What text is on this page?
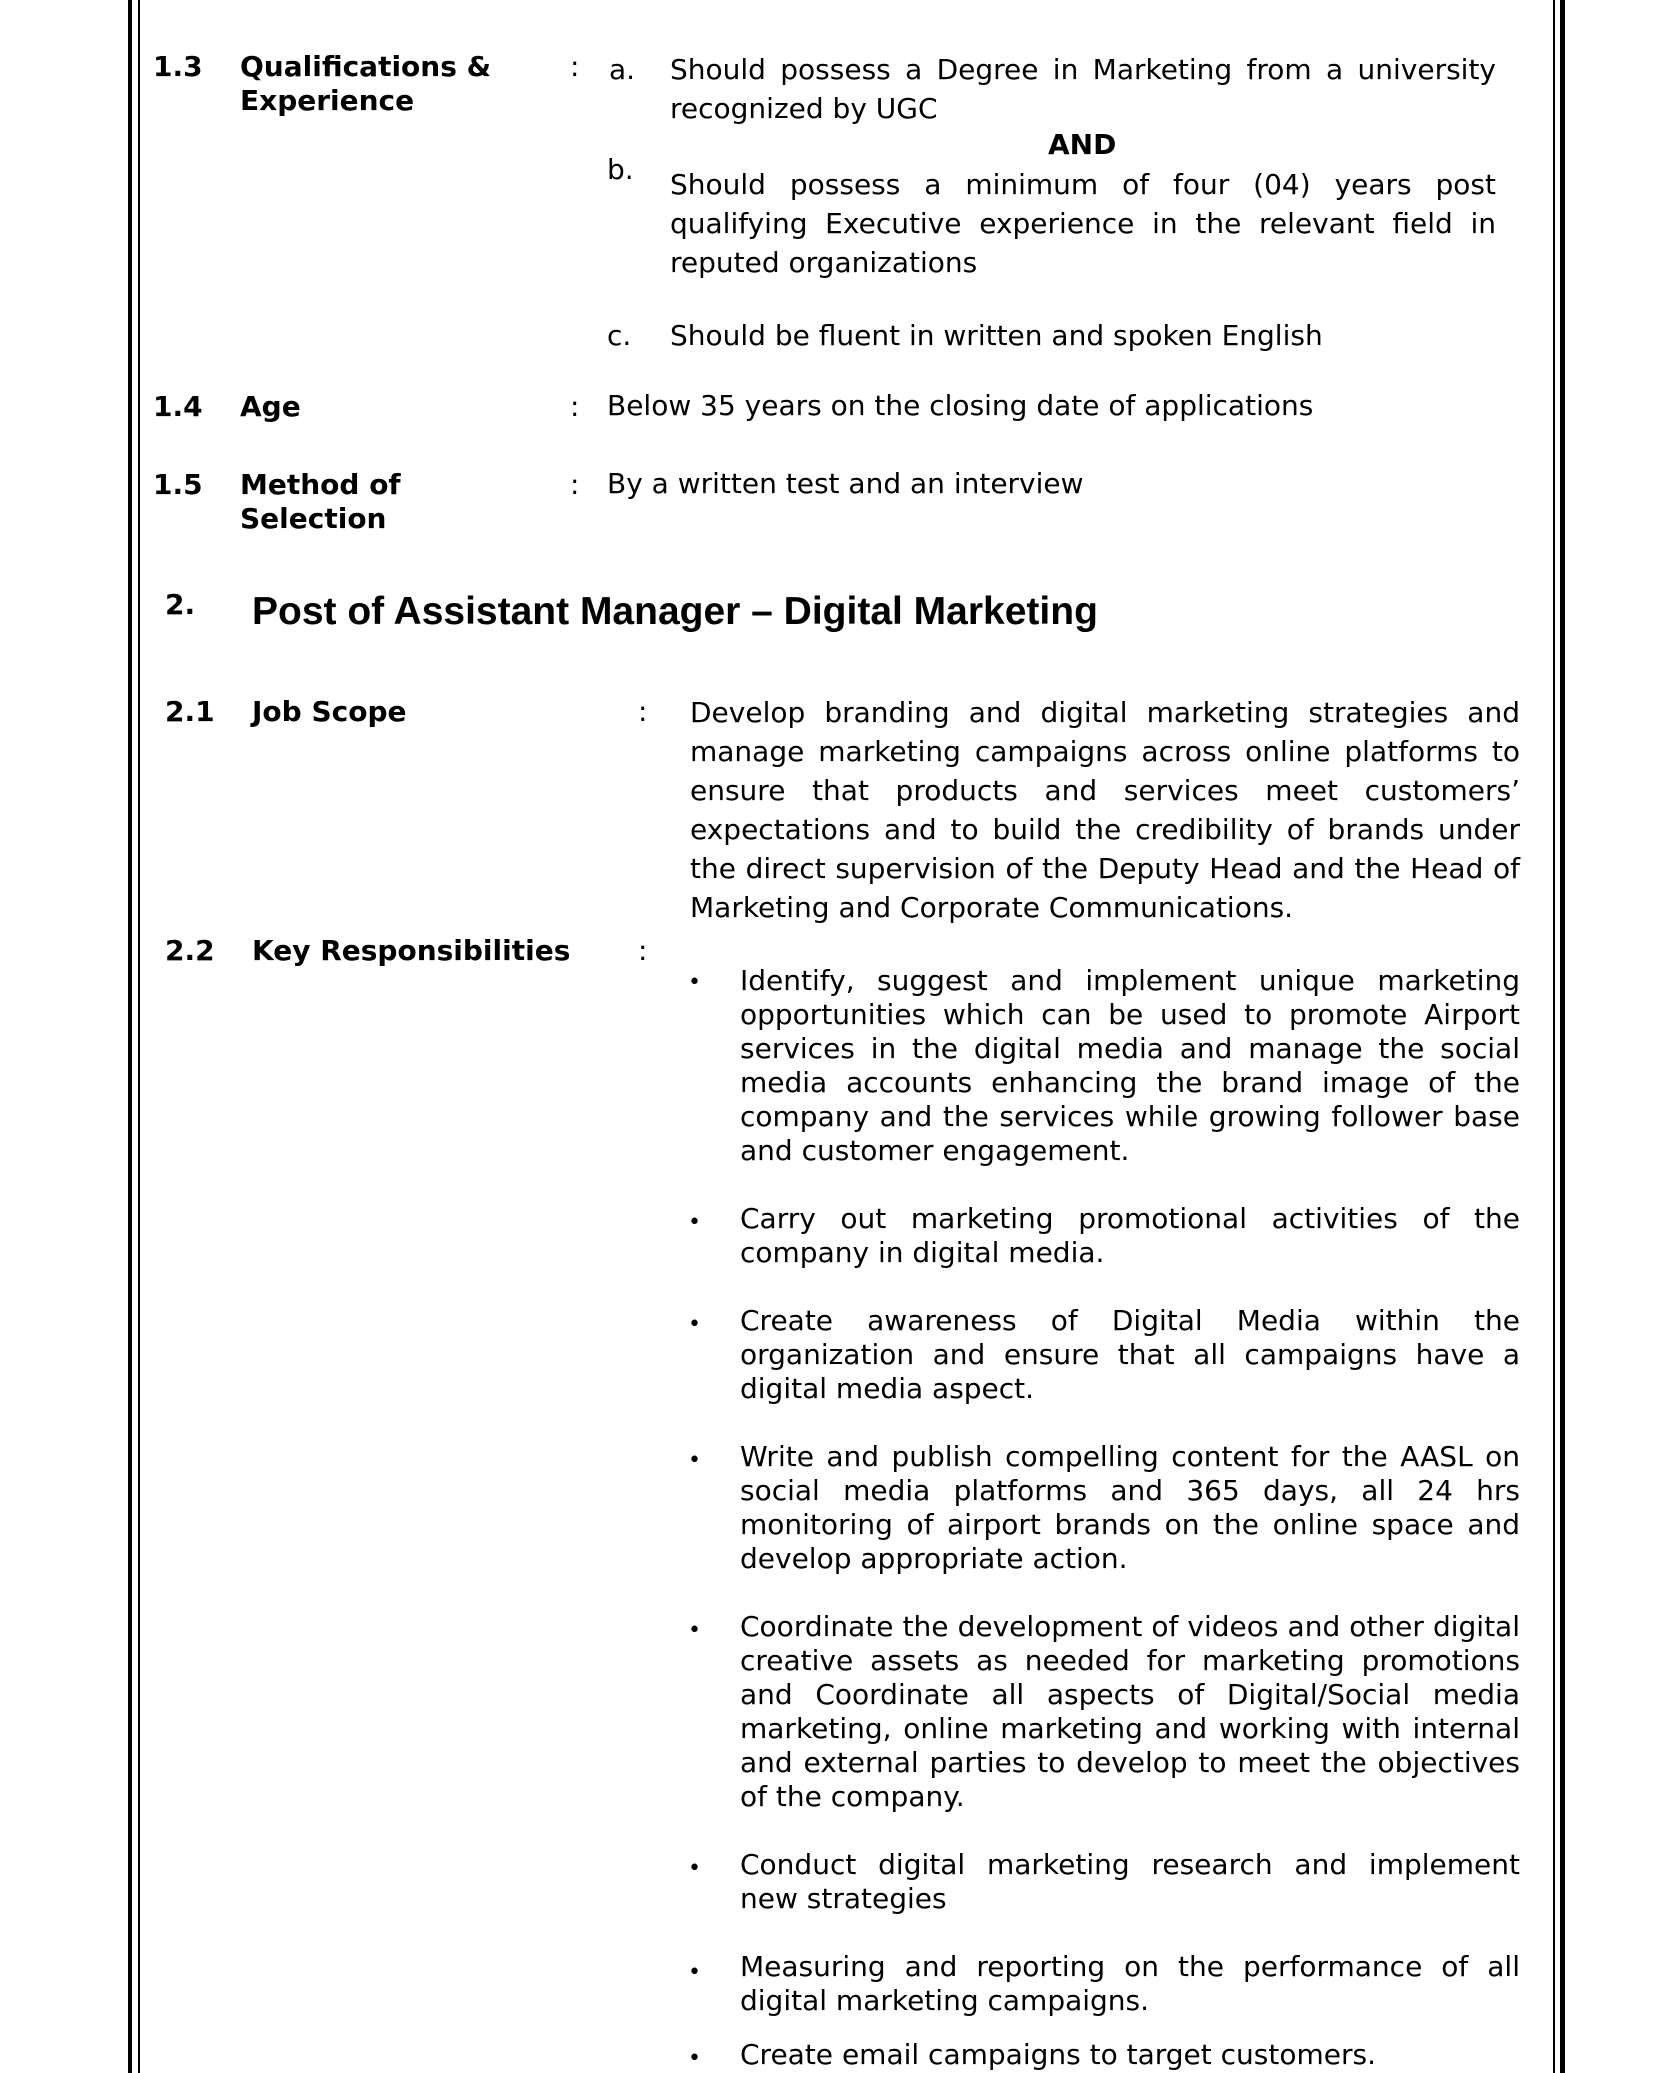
1.3 Qualifications & Experience
: a. Should possess a Degree in Marketing from a university recognized by UGC
AND
b. Should possess a minimum of four (04) years post qualifying Executive experience in the relevant field in reputed organizations
c. Should be fluent in written and spoken English
1.4 Age	: Below 35 years on the closing date of applications
1.5 Method of Selection
: By a written test and an interview
2. Post of Assistant Manager – Digital Marketing
2.1 Job Scope	: Develop branding and digital marketing strategies and manage marketing campaigns across online platforms to ensure that products and services meet customers’ expectations and to build the credibility of brands under the direct supervision of the Deputy Head and the Head of Marketing and Corporate Communications.
2.2 Key Responsibilities :
• Identify, suggest and implement unique marketing opportunities which can be used to promote Airport services in the digital media and manage the social media accounts enhancing the brand image of the company and the services while growing follower base and customer engagement.
• Carry out marketing promotional activities of the company in digital media.
• Create awareness of Digital Media within the organization and ensure that all campaigns have a digital media aspect.
• Write and publish compelling content for the AASL on social media platforms and 365 days, all 24 hrs monitoring of airport brands on the online space and develop appropriate action.
• Coordinate the development of videos and other digital creative assets as needed for marketing promotions and Coordinate all aspects of Digital/Social media marketing, online marketing and working with internal and external parties to develop to meet the objectives of the company.
• Conduct digital marketing research and implement new strategies
• Measuring and reporting on the performance of all digital marketing campaigns.
• Create email campaigns to target customers.
